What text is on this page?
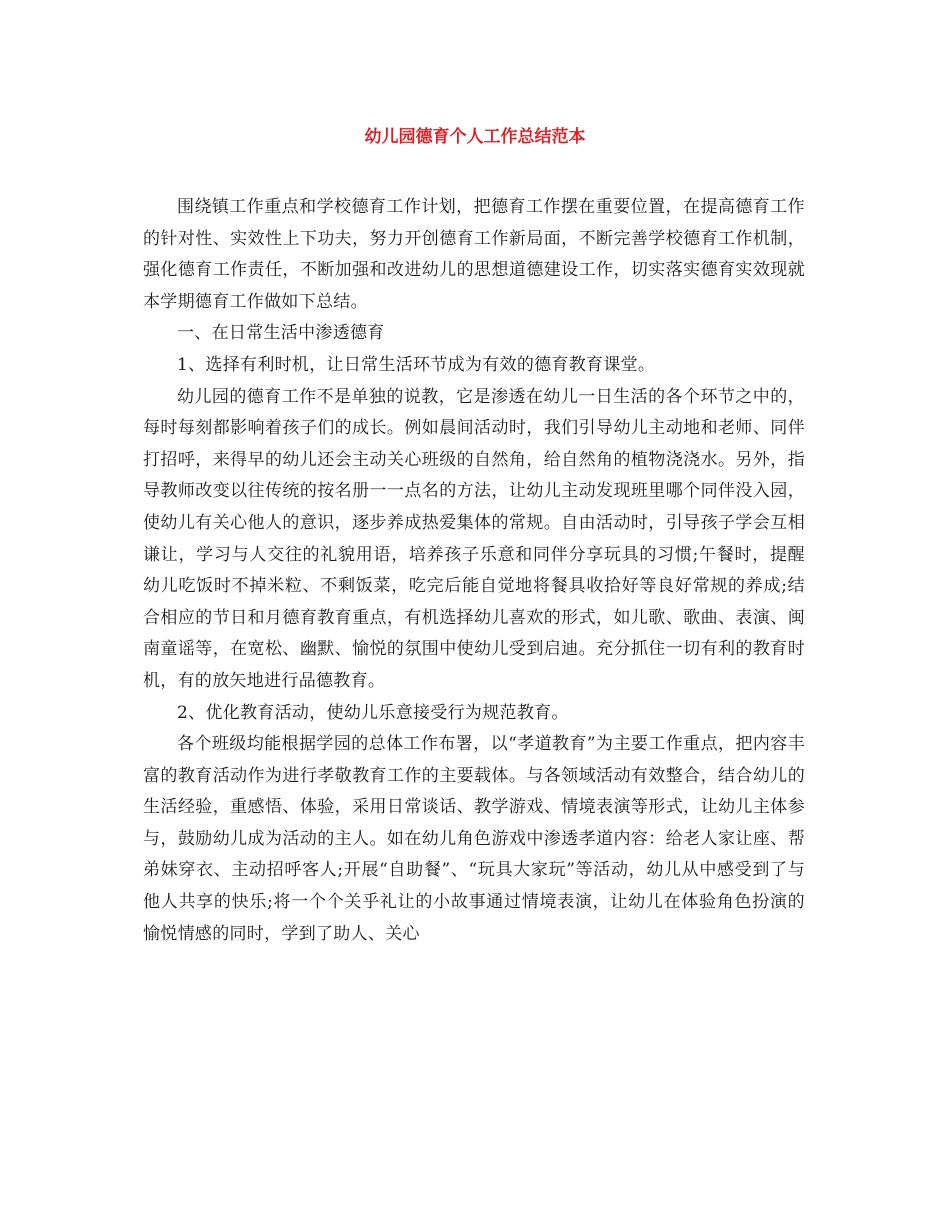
幼儿园德育个人工作总结范本

围绕镇工作重点和学校德育工作计划，把德育工作摆在重要位置，在提高德育工作的针对性、实效性上下功夫，努力开创德育工作新局面，不断完善学校德育工作机制，强化德育工作责任，不断加强和改进幼儿的思想道德建设工作，切实落实德育实效现就本学期德育工作做如下总结。

一、在日常生活中渗透德育

1、选择有利时机，让日常生活环节成为有效的德育教育课堂。

幼儿园的德育工作不是单独的说教，它是渗透在幼儿一日生活的各个环节之中的，每时每刻都影响着孩子们的成长。例如晨间活动时，我们引导幼儿主动地和老师、同伴打招呼，来得早的幼儿还会主动关心班级的自然角，给自然角的植物浇浇水。另外，指导教师改变以往传统的按名册一一点名的方法，让幼儿主动发现班里哪个同伴没入园，使幼儿有关心他人的意识，逐步养成热爱集体的常规。自由活动时，引导孩子学会互相谦让，学习与人交往的礼貌用语，培养孩子乐意和同伴分享玩具的习惯;午餐时，提醒幼儿吃饭时不掉米粒、不剩饭菜，吃完后能自觉地将餐具收拾好等良好常规的养成;结合相应的节日和月德育教育重点，有机选择幼儿喜欢的形式，如儿歌、歌曲、表演、闽南童谣等，在宽松、幽默、愉悦的氛围中使幼儿受到启迪。充分抓住一切有利的教育时机，有的放矢地进行品德教育。

2、优化教育活动，使幼儿乐意接受行为规范教育。

各个班级均能根据学园的总体工作布署，以“孝道教育”为主要工作重点，把内容丰富的教育活动作为进行孝敬教育工作的主要载体。与各领域活动有效整合，结合幼儿的生活经验，重感悟、体验，采用日常谈话、教学游戏、情境表演等形式，让幼儿主体参与，鼓励幼儿成为活动的主人。如在幼儿角色游戏中渗透孝道内容：给老人家让座、帮弟妹穿衣、主动招呼客人;开展“自助餐”、“玩具大家玩”等活动，幼儿从中感受到了与他人共享的快乐;将一个个关乎礼让的小故事通过情境表演，让幼儿在体验角色扮演的愉悦情感的同时，学到了助人、关心
